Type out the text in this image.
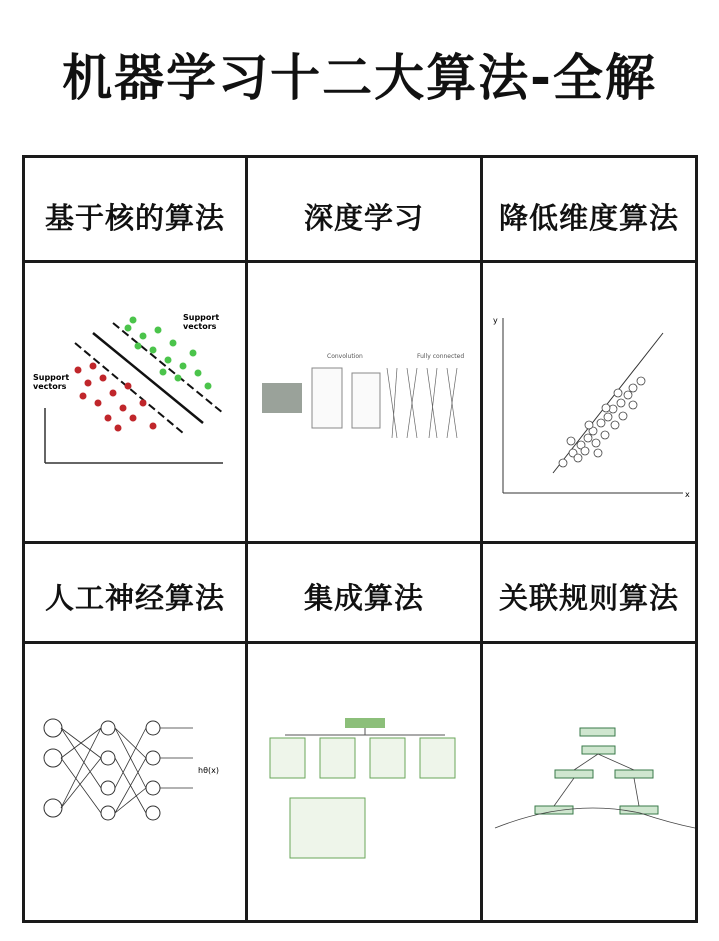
机器学习十二大算法-全解
基于核的算法	深度学习	降低维度算法
人工神经算法	集成算法	关联规则算法
Support
vectors
Support
vectors
Convolution	Fully connected
y
x
hθ(x)
